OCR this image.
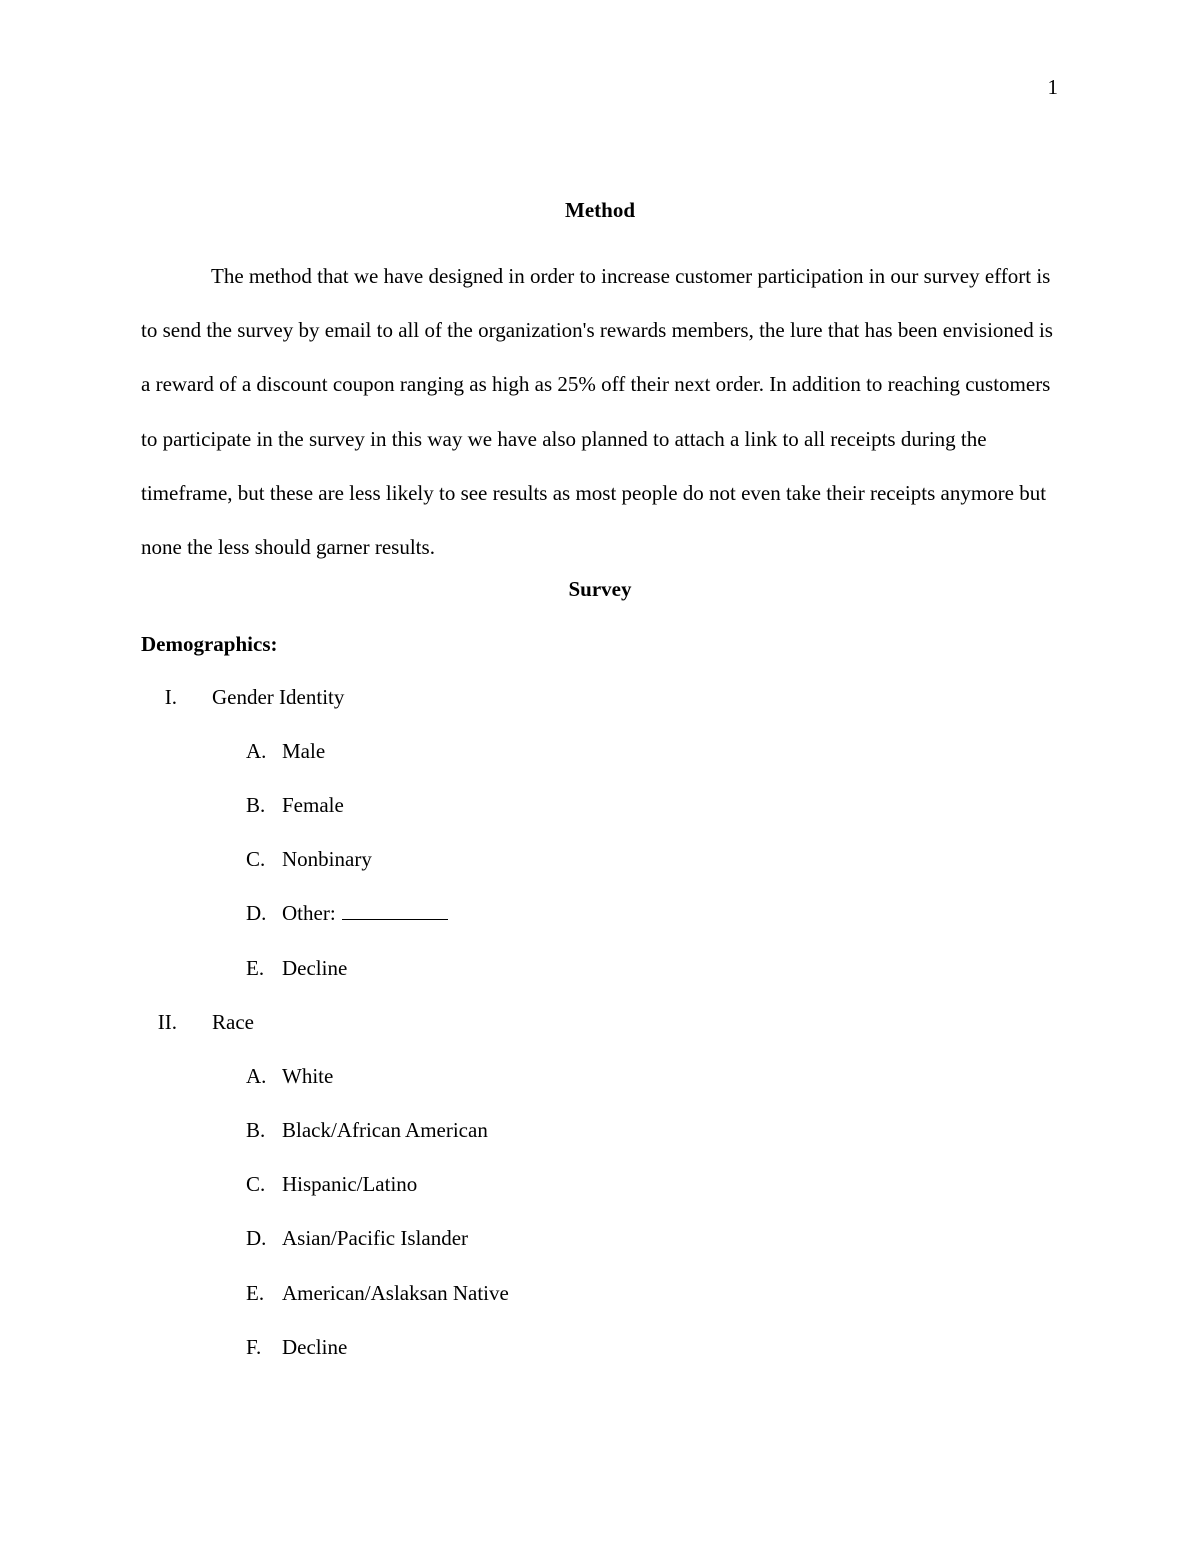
1
Method

The method that we have designed in order to increase customer participation in our survey effort is to send the survey by email to all of the organization's rewards members, the lure that has been envisioned is a reward of a discount coupon ranging as high as 25% off their next order. In addition to reaching customers to participate in the survey in this way we have also planned to attach a link to all receipts during the timeframe, but these are less likely to see results as most people do not even take their receipts anymore but none the less should garner results.

Survey
Demographics:
I. Gender Identity
A. Male
B. Female
C. Nonbinary
D. Other:
E. Decline
II. Race
A. White
B. Black/African American
C. Hispanic/Latino
D. Asian/Pacific Islander
E. American/Aslaksan Native
F. Decline
